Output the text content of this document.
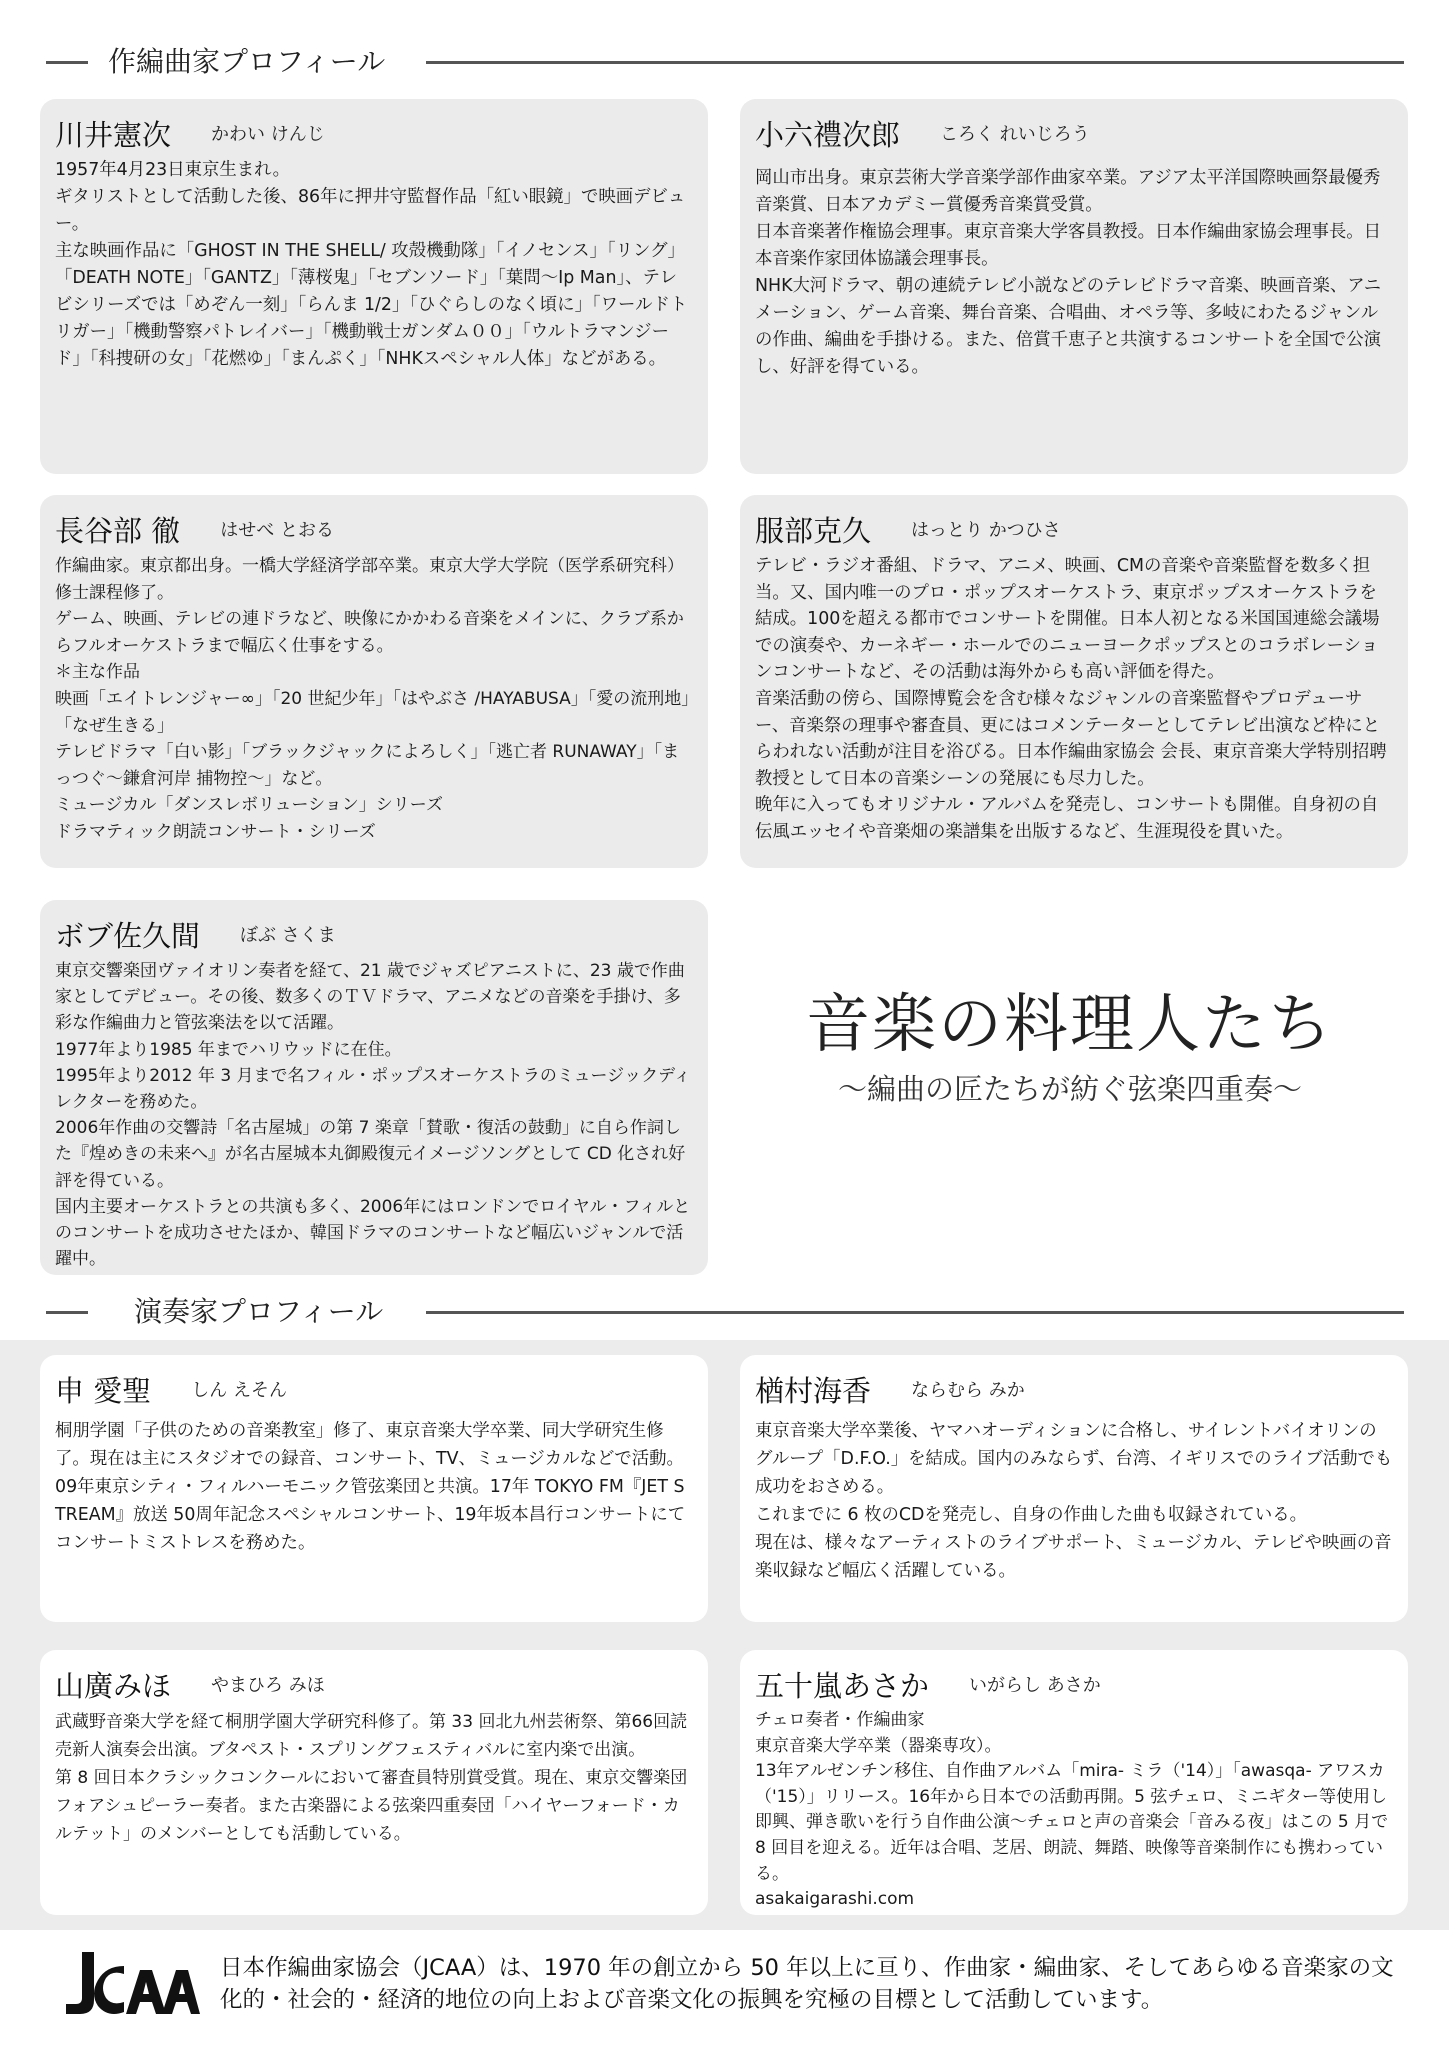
作編曲家プロフィール
川井憲次 かわい けんじ

1957年4月23日東京生まれ。

ギタリストとして活動した後、86年に押井守監督作品「紅い眼鏡」で映画デビュー。

主な映画作品に「GHOST IN THE SHELL/ 攻殻機動隊」「イノセンス」「リング」「DEATH NOTE」「GANTZ」「薄桜鬼」「セブンソード」「葉問〜Ip Man」、テレビシリーズでは「めぞん一刻」「らんま 1/2」「ひぐらしのなく頃に」「ワールドトリガー」「機動警察パトレイバー」「機動戦士ガンダム００」「ウルトラマンジード」「科捜研の女」「花燃ゆ」「まんぷく」「NHKスペシャル人体」などがある。

小六禮次郎 ころく れいじろう

岡山市出身。東京芸術大学音楽学部作曲家卒業。アジア太平洋国際映画祭最優秀音楽賞、日本アカデミー賞優秀音楽賞受賞。

日本音楽著作権協会理事。東京音楽大学客員教授。日本作編曲家協会理事長。日本音楽作家団体協議会理事長。

NHK大河ドラマ、朝の連続テレビ小説などのテレビドラマ音楽、映画音楽、アニメーション、ゲーム音楽、舞台音楽、合唱曲、オペラ等、多岐にわたるジャンルの作曲、編曲を手掛ける。また、倍賞千恵子と共演するコンサートを全国で公演し、好評を得ている。

長谷部 徹 はせべ とおる

作編曲家。東京都出身。一橋大学経済学部卒業。東京大学大学院（医学系研究科）修士課程修了。

ゲーム、映画、テレビの連ドラなど、映像にかかわる音楽をメインに、クラブ系からフルオーケストラまで幅広く仕事をする。

＊主な作品

映画「エイトレンジャー∞」「20 世紀少年」「はやぶさ /HAYABUSA」「愛の流刑地」「なぜ生きる」

テレビドラマ「白い影」「ブラックジャックによろしく」「逃亡者 RUNAWAY」「まっつぐ〜鎌倉河岸 捕物控〜」など。

ミュージカル「ダンスレボリューション」シリーズ

ドラマティック朗読コンサート・シリーズ

服部克久 はっとり かつひさ

テレビ・ラジオ番組、ドラマ、アニメ、映画、CMの音楽や音楽監督を数多く担当。又、国内唯一のプロ・ポップスオーケストラ、東京ポップスオーケストラを結成。100を超える都市でコンサートを開催。日本人初となる米国国連総会議場での演奏や、カーネギー・ホールでのニューヨークポップスとのコラボレーションコンサートなど、その活動は海外からも高い評価を得た。

音楽活動の傍ら、国際博覧会を含む様々なジャンルの音楽監督やプロデューサー、音楽祭の理事や審査員、更にはコメンテーターとしてテレビ出演など枠にとらわれない活動が注目を浴びる。日本作編曲家協会 会長、東京音楽大学特別招聘教授として日本の音楽シーンの発展にも尽力した。

晩年に入ってもオリジナル・アルバムを発売し、コンサートも開催。自身初の自伝風エッセイや音楽畑の楽譜集を出版するなど、生涯現役を貫いた。

ボブ佐久間 ぼぶ さくま

東京交響楽団ヴァイオリン奏者を経て、21 歳でジャズピアニストに、23 歳で作曲家としてデビュー。その後、数多くのＴＶドラマ、アニメなどの音楽を手掛け、多彩な作編曲力と管弦楽法を以て活躍。

1977年より1985 年までハリウッドに在住。

1995年より2012 年 3 月まで名フィル・ポップスオーケストラのミュージックディレクターを務めた。

2006年作曲の交響詩「名古屋城」の第 7 楽章「賛歌・復活の鼓動」に自ら作詞した『煌めきの未来へ』が名古屋城本丸御殿復元イメージソングとして CD 化され好評を得ている。

国内主要オーケストラとの共演も多く、2006年にはロンドンでロイヤル・フィルとのコンサートを成功させたほか、韓国ドラマのコンサートなど幅広いジャンルで活躍中。

音楽の料理人たち
〜編曲の匠たちが紡ぐ弦楽四重奏〜
演奏家プロフィール
申 愛聖 しん えそん

桐朋学園「子供のための音楽教室」修了、東京音楽大学卒業、同大学研究生修了。現在は主にスタジオでの録音、コンサート、TV、ミュージカルなどで活動。09年東京シティ・フィルハーモニック管弦楽団と共演。17年 TOKYO FM『JET STREAM』放送 50周年記念スペシャルコンサート、19年坂本昌行コンサートにてコンサートミストレスを務めた。

楢村海香 ならむら みか

東京音楽大学卒業後、ヤマハオーディションに合格し、サイレントバイオリンのグループ「D.F.O.」を結成。国内のみならず、台湾、イギリスでのライブ活動でも成功をおさめる。

これまでに 6 枚のCDを発売し、自身の作曲した曲も収録されている。

現在は、様々なアーティストのライブサポート、ミュージカル、テレビや映画の音楽収録など幅広く活躍している。

山廣みほ やまひろ みほ

武蔵野音楽大学を経て桐朋学園大学研究科修了。第 33 回北九州芸術祭、第66回読売新人演奏会出演。ブタペスト・スプリングフェスティバルに室内楽で出演。

第 8 回日本クラシックコンクールにおいて審査員特別賞受賞。現在、東京交響楽団フォアシュピーラー奏者。また古楽器による弦楽四重奏団「ハイヤーフォード・カルテット」のメンバーとしても活動している。

五十嵐あさか いがらし あさか

チェロ奏者・作編曲家

東京音楽大学卒業（器楽専攻）。

13年アルゼンチン移住、自作曲アルバム「mira- ミラ（'14）」「awasqa- アワスカ（'15）」リリース。16年から日本での活動再開。5 弦チェロ、ミニギター等使用し即興、弾き歌いを行う自作曲公演〜チェロと声の音楽会「音みる夜」はこの 5 月で 8 回目を迎える。近年は合唱、芝居、朗読、舞踏、映像等音楽制作にも携わっている。

asakaigarashi.com

日本作編曲家協会（JCAA）は、1970 年の創立から 50 年以上に亘り、作曲家・編曲家、そしてあらゆる音楽家の文化的・社会的・経済的地位の向上および音楽文化の振興を究極の目標として活動しています。
